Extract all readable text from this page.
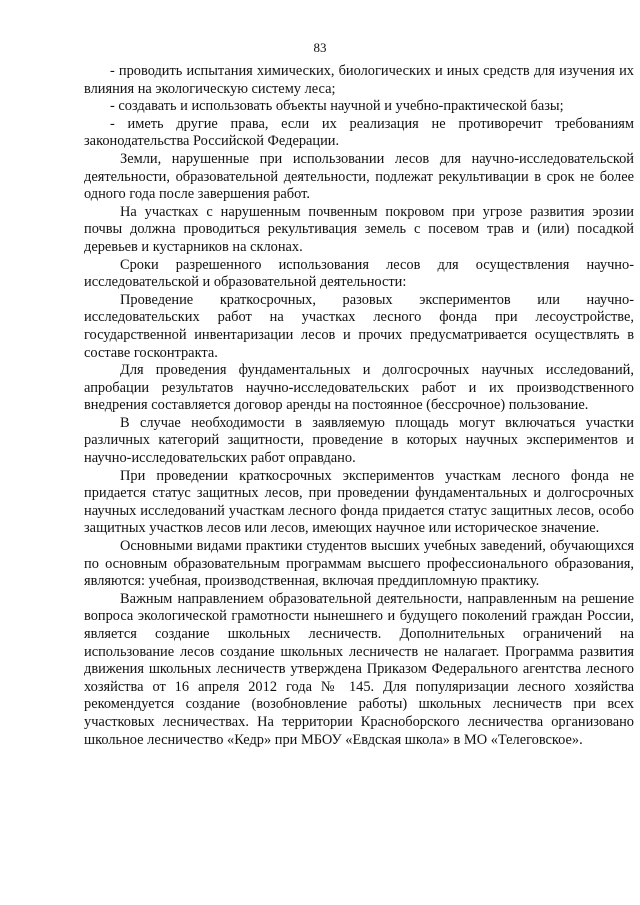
83

- проводить испытания химических, биологических и иных средств для изучения их влияния на экологическую систему леса;

- создавать и использовать объекты научной и учебно-практической базы;

- иметь другие права, если их реализация не противоречит требованиям законодательства Российской Федерации.

Земли, нарушенные при использовании лесов для научно-исследовательской деятельности, образовательной деятельности, подлежат рекультивации в срок не более одного года после завершения работ.

На участках с нарушенным почвенным покровом при угрозе развития эрозии почвы должна проводиться рекультивация земель с посевом трав и (или) посадкой деревьев и кустарников на склонах.

Сроки разрешенного использования лесов для осуществления научно-исследовательской и образовательной деятельности:

Проведение краткосрочных, разовых экспериментов или научно-исследовательских работ на участках лесного фонда при лесоустройстве, государственной инвентаризации лесов и прочих предусматривается осуществлять в составе госконтракта.

Для проведения фундаментальных и долгосрочных научных исследований, апробации результатов научно-исследовательских работ и их производственного внедрения составляется договор аренды на постоянное (бессрочное) пользование.

В случае необходимости в заявляемую площадь могут включаться участки различных категорий защитности, проведение в которых научных экспериментов и научно-исследовательских работ оправдано.

При проведении краткосрочных экспериментов участкам лесного фонда не придается статус защитных лесов, при проведении фундаментальных и долгосрочных научных исследований участкам лесного фонда придается статус защитных лесов, особо защитных участков лесов или лесов, имеющих научное или историческое значение.

Основными видами практики студентов высших учебных заведений, обучающихся по основным образовательным программам высшего профессионального образования, являются: учебная, производственная, включая преддипломную практику.

Важным направлением образовательной деятельности, направленным на решение вопроса экологической грамотности нынешнего и будущего поколений граждан России, является создание школьных лесничеств. Дополнительных ограничений на использование лесов создание школьных лесничеств не налагает. Программа развития движения школьных лесничеств утверждена Приказом Федерального агентства лесного хозяйства от 16 апреля 2012 года № 145. Для популяризации лесного хозяйства рекомендуется создание (возобновление работы) школьных лесничеств при всех участковых лесничествах. На территории Красноборского лесничества организовано школьное лесничество «Кедр» при МБОУ «Евдская школа» в МО «Телеговское».
